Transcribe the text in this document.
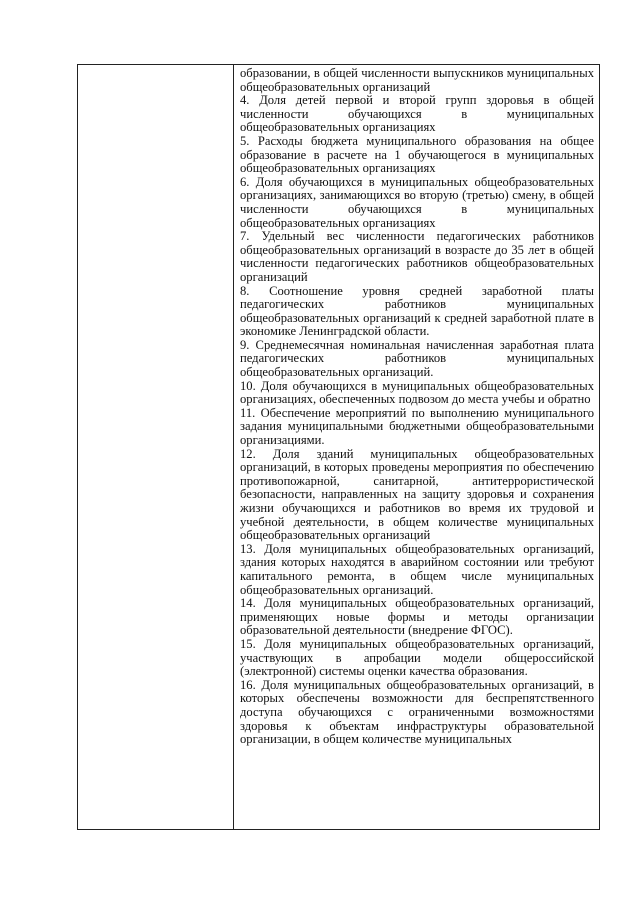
образовании, в общей численности выпускников муниципальных общеобразовательных организаций

4. Доля детей первой и второй групп здоровья в общей численности обучающихся в муниципальных общеобразовательных организациях

5. Расходы бюджета муниципального образования на общее образование в расчете на 1 обучающегося в муниципальных общеобразовательных организациях

6. Доля обучающихся в муниципальных общеобразовательных организациях, занимающихся во вторую (третью) смену, в общей численности обучающихся в муниципальных общеобразовательных организациях

7. Удельный вес численности педагогических работников общеобразовательных организаций в возрасте до 35 лет в общей численности педагогических работников общеобразовательных организаций

8. Соотношение уровня средней заработной платы педагогических работников муниципальных общеобразовательных организаций к средней заработной плате в экономике Ленинградской области.

9. Среднемесячная номинальная начисленная заработная плата педагогических работников муниципальных общеобразовательных организаций.

10. Доля обучающихся в муниципальных общеобразовательных организациях, обеспеченных подвозом до места учебы и обратно

11. Обеспечение мероприятий по выполнению муниципального задания муниципальными бюджетными общеобразовательными организациями.

12. Доля зданий муниципальных общеобразовательных организаций, в которых проведены мероприятия по обеспечению противопожарной, санитарной, антитеррористической безопасности, направленных на защиту здоровья и сохранения жизни обучающихся и работников во время их трудовой и учебной деятельности, в общем количестве муниципальных общеобразовательных организаций

13. Доля муниципальных общеобразовательных организаций, здания которых находятся в аварийном состоянии или требуют капитального ремонта, в общем числе муниципальных общеобразовательных организаций.

14. Доля муниципальных общеобразовательных организаций, применяющих новые формы и методы организации образовательной деятельности (внедрение ФГОС).

15. Доля муниципальных общеобразовательных организаций, участвующих в апробации модели общероссийской (электронной) системы оценки качества образования.

16. Доля муниципальных общеобразовательных организаций, в которых обеспечены возможности для беспрепятственного доступа обучающихся с ограниченными возможностями здоровья к объектам инфраструктуры образовательной организации, в общем количестве муниципальных
